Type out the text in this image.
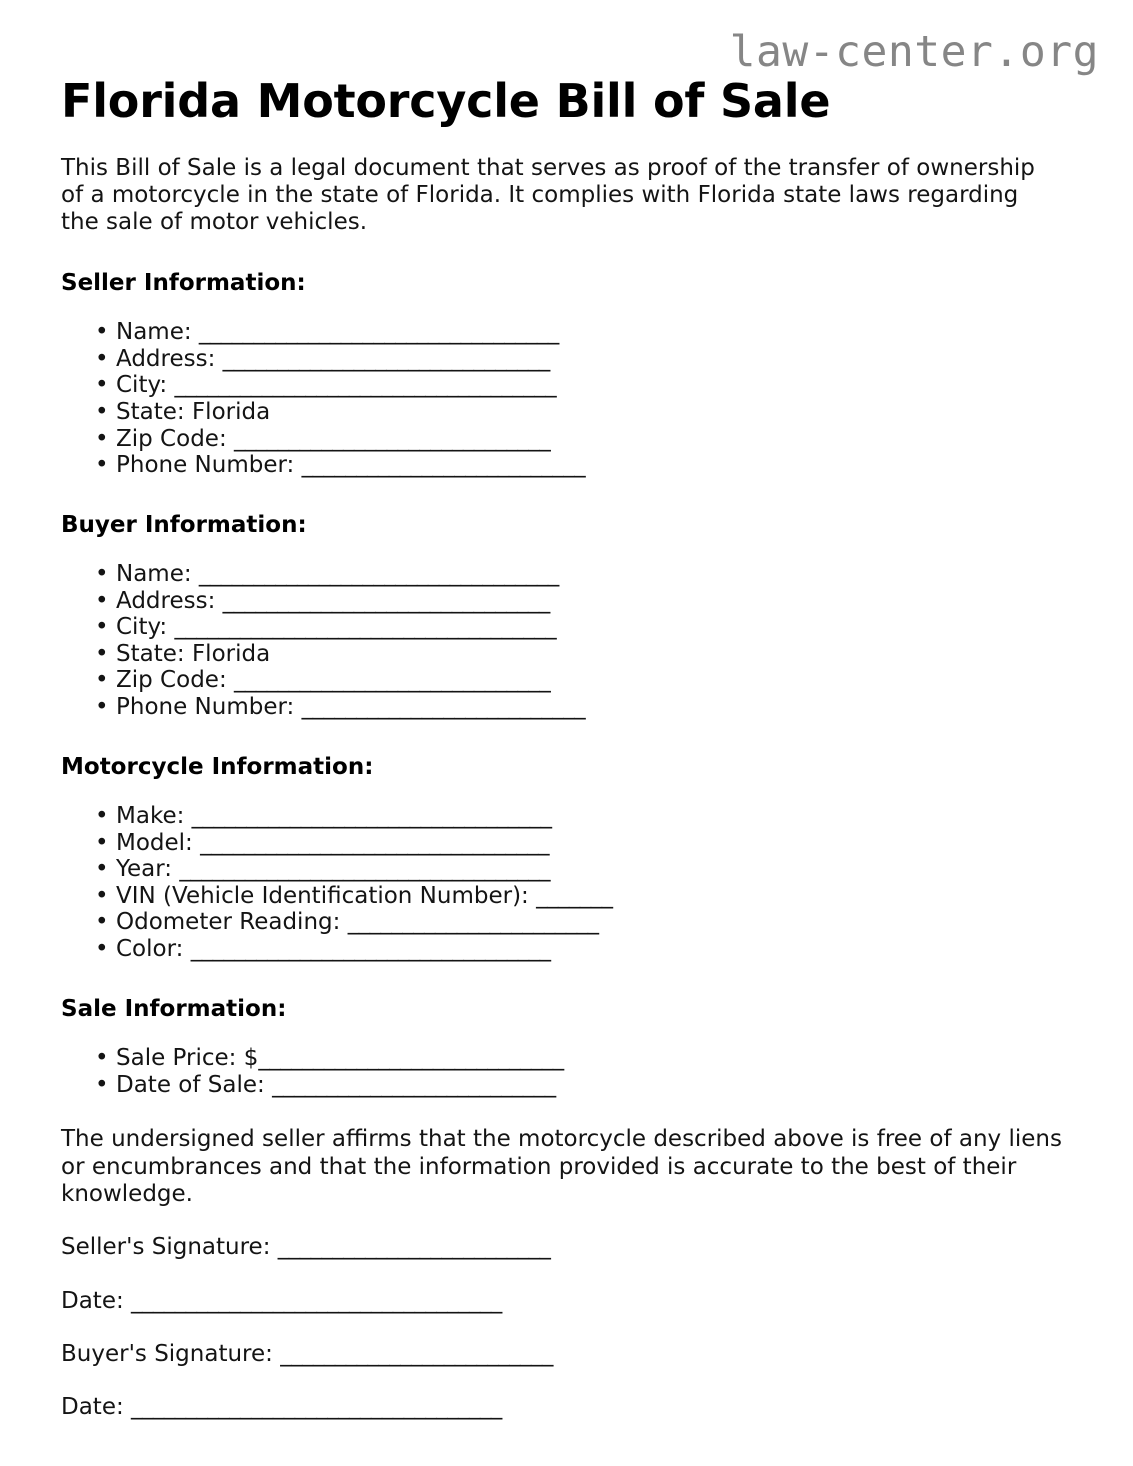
law-center.org
Florida Motorcycle Bill of Sale

This Bill of Sale is a legal document that serves as proof of the transfer of ownership of a motorcycle in the state of Florida. It complies with Florida state laws regarding the sale of motor vehicles.

Seller Information:
• Name: _________________________________
• Address: ______________________________
• City: ___________________________________
• State: Florida
• Zip Code: _____________________________
• Phone Number: __________________________
Buyer Information:
• Name: _________________________________
• Address: ______________________________
• City: ___________________________________
• State: Florida
• Zip Code: _____________________________
• Phone Number: __________________________
Motorcycle Information:
• Make: _________________________________
• Model: ________________________________
• Year: __________________________________
• VIN (Vehicle Identification Number): _______
• Odometer Reading: _______________________
• Color: _________________________________
Sale Information:
• Sale Price: $____________________________
• Date of Sale: __________________________

The undersigned seller affirms that the motorcycle described above is free of any liens or encumbrances and that the information provided is accurate to the best of their knowledge.

Seller's Signature: _________________________
Date: __________________________________
Buyer's Signature: _________________________
Date: __________________________________
